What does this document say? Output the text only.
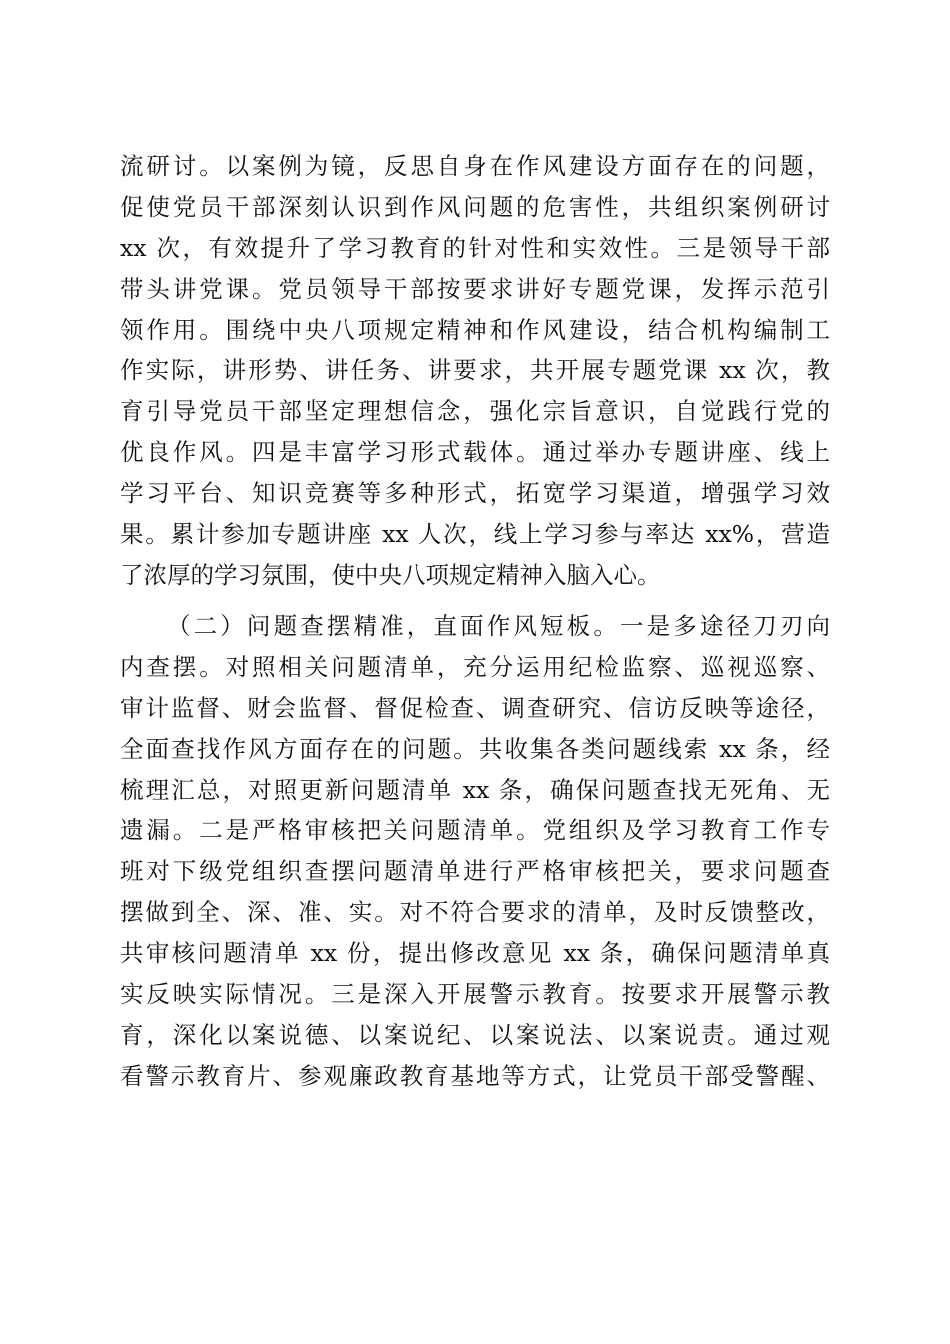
流研讨。以案例为镜，反思自身在作风建设方面存在的问题，
促使党员干部深刻认识到作风问题的危害性，共组织案例研讨
xx 次，有效提升了学习教育的针对性和实效性。三是领导干部
带头讲党课。党员领导干部按要求讲好专题党课，发挥示范引
领作用。围绕中央八项规定精神和作风建设，结合机构编制工
作实际，讲形势、讲任务、讲要求，共开展专题党课 xx 次，教
育引导党员干部坚定理想信念，强化宗旨意识，自觉践行党的
优良作风。四是丰富学习形式载体。通过举办专题讲座、线上
学习平台、知识竞赛等多种形式，拓宽学习渠道，增强学习效
果。累计参加专题讲座 xx 人次，线上学习参与率达 xx%，营造
了浓厚的学习氛围，使中央八项规定精神入脑入心。
（二）问题查摆精准，直面作风短板。一是多途径刀刃向
内查摆。对照相关问题清单，充分运用纪检监察、巡视巡察、
审计监督、财会监督、督促检查、调查研究、信访反映等途径，
全面查找作风方面存在的问题。共收集各类问题线索 xx 条，经
梳理汇总，对照更新问题清单 xx 条，确保问题查找无死角、无
遗漏。二是严格审核把关问题清单。党组织及学习教育工作专
班对下级党组织查摆问题清单进行严格审核把关，要求问题查
摆做到全、深、准、实。对不符合要求的清单，及时反馈整改，
共审核问题清单 xx 份，提出修改意见 xx 条，确保问题清单真
实反映实际情况。三是深入开展警示教育。按要求开展警示教
育，深化以案说德、以案说纪、以案说法、以案说责。通过观
看警示教育片、参观廉政教育基地等方式，让党员干部受警醒、
